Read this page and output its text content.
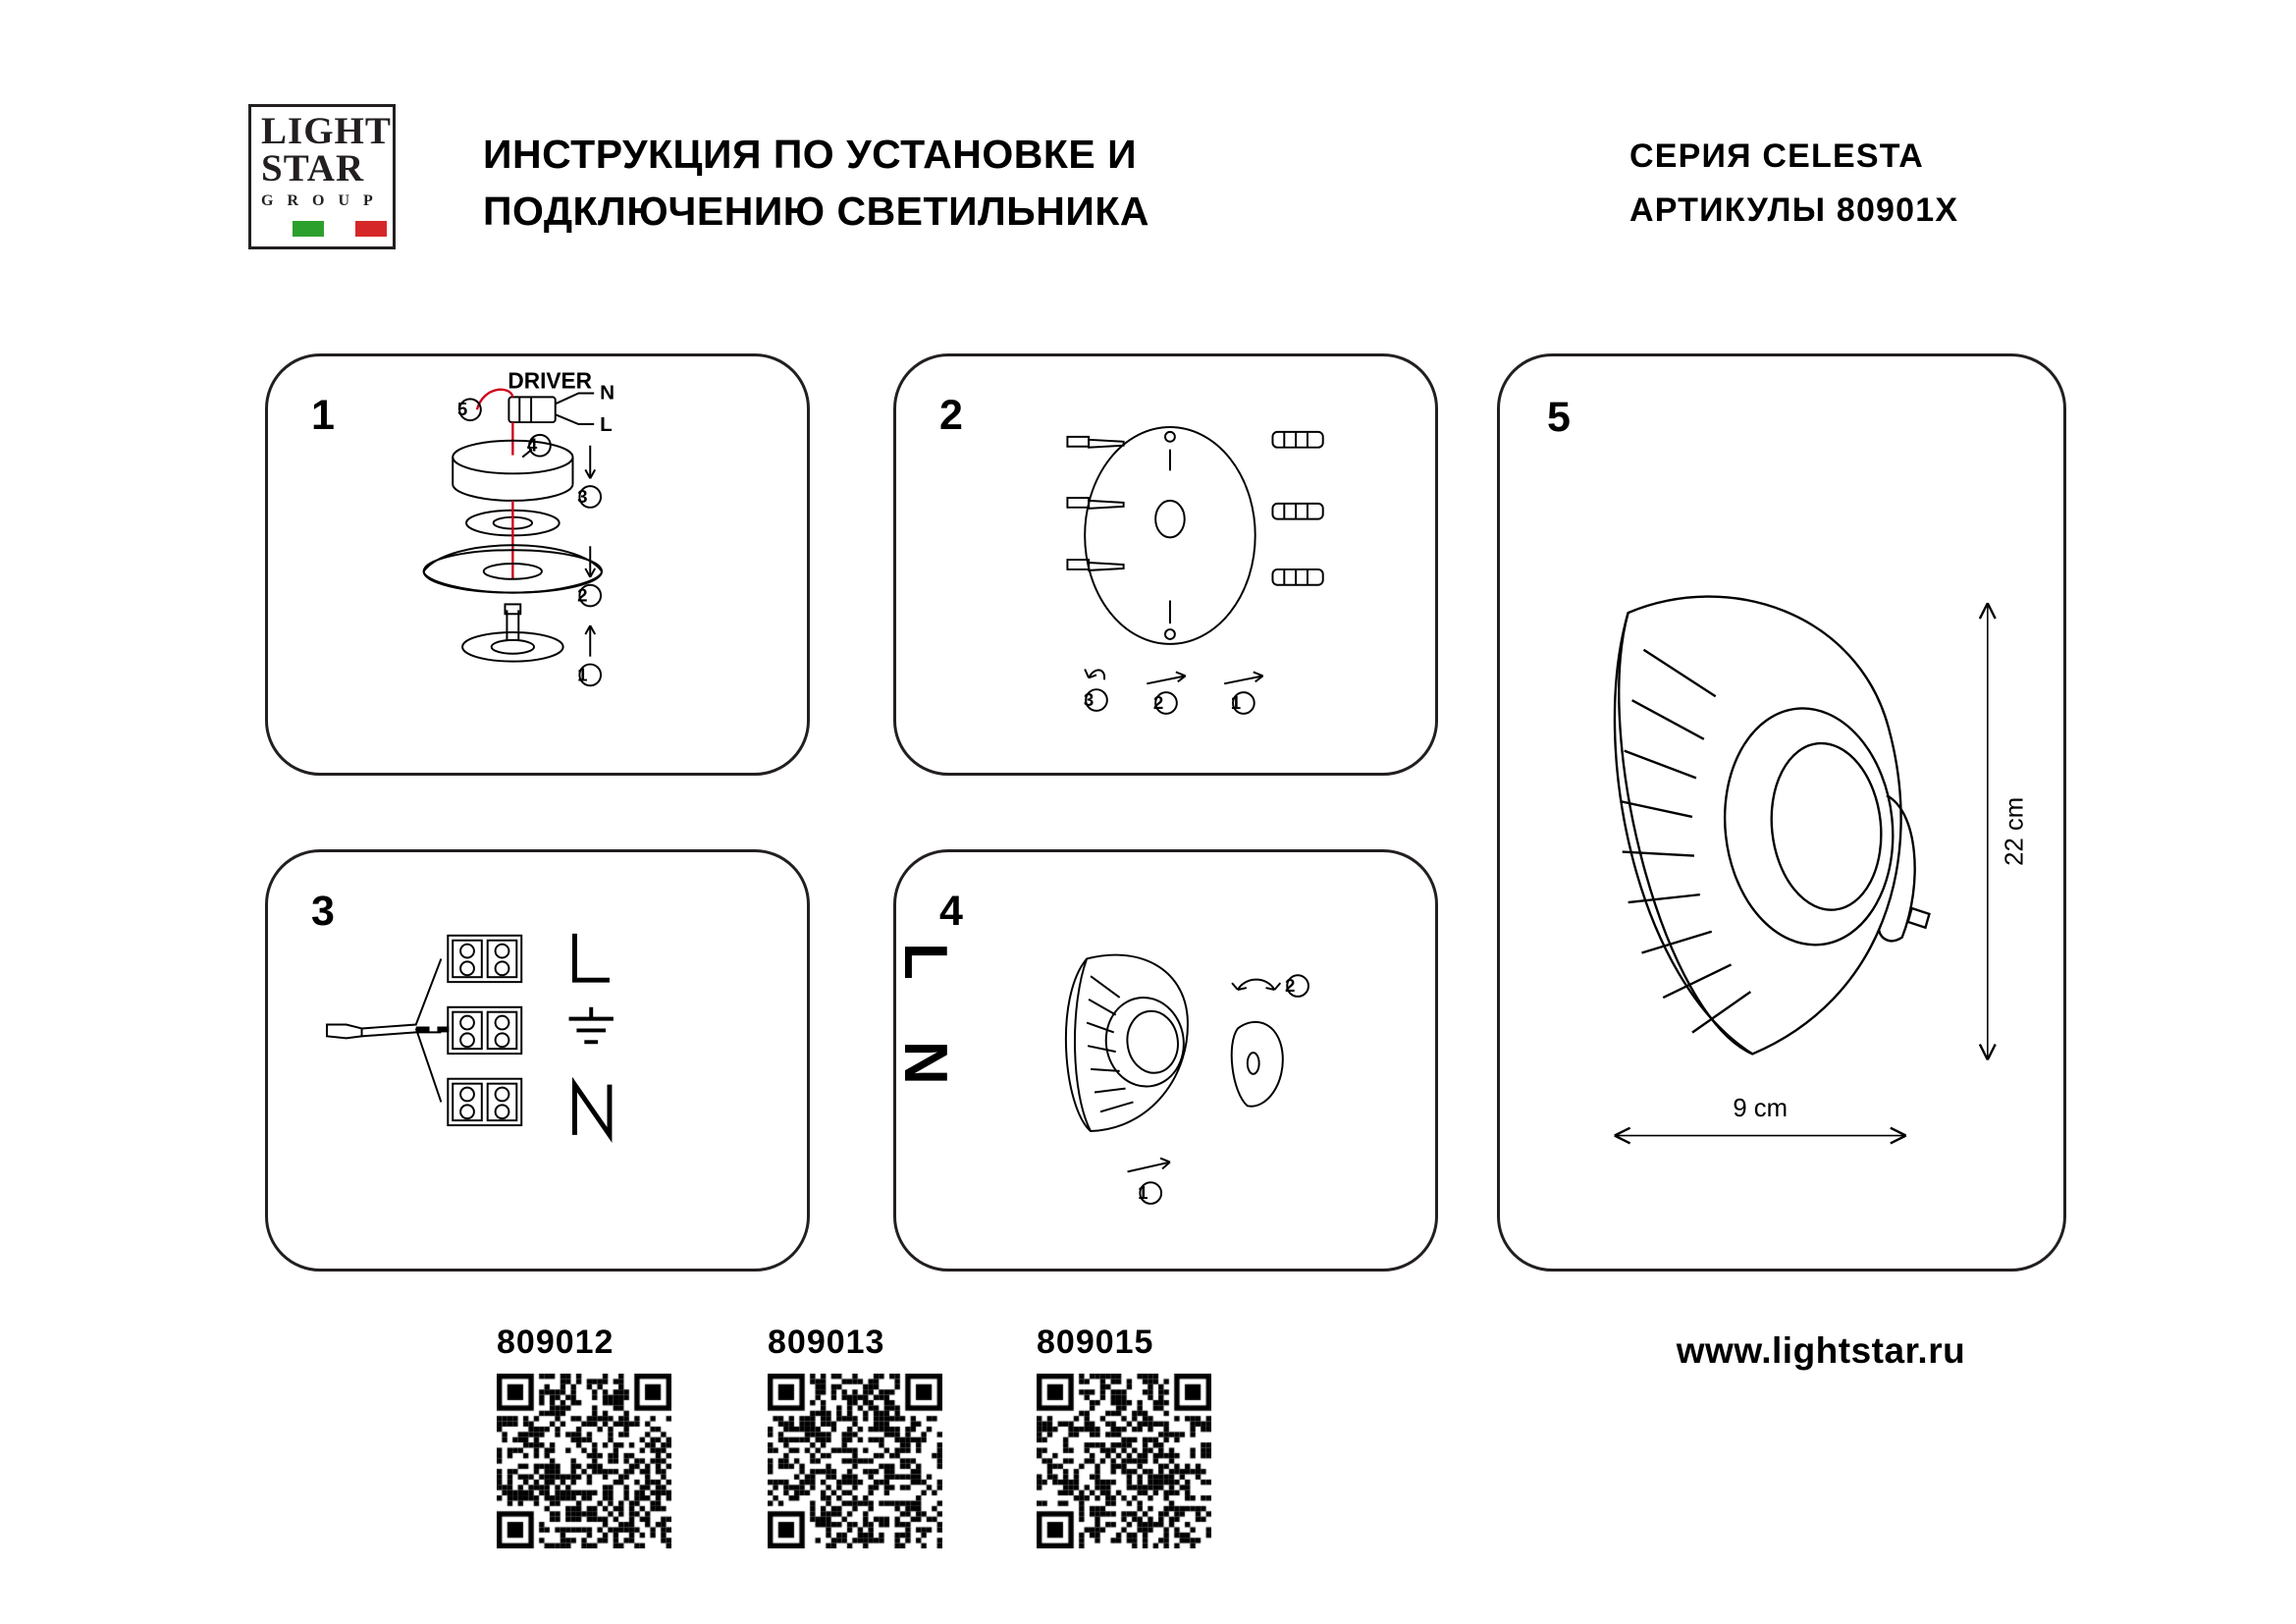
LIGHT
STAR
G R O U P
ИНСТРУКЦИЯ ПО УСТАНОВКЕ И ПОДКЛЮЧЕНИЮ СВЕТИЛЬНИКА
СЕРИЯ CELESTA
АРТИКУЛЫ 80901X
1	5
4
3
2
1
DRIVER N
L	2
3	2	1
3	4
2
1
5
22 cm
9 cm
L
N
809012	809013	809015	www.lightstar.ru
